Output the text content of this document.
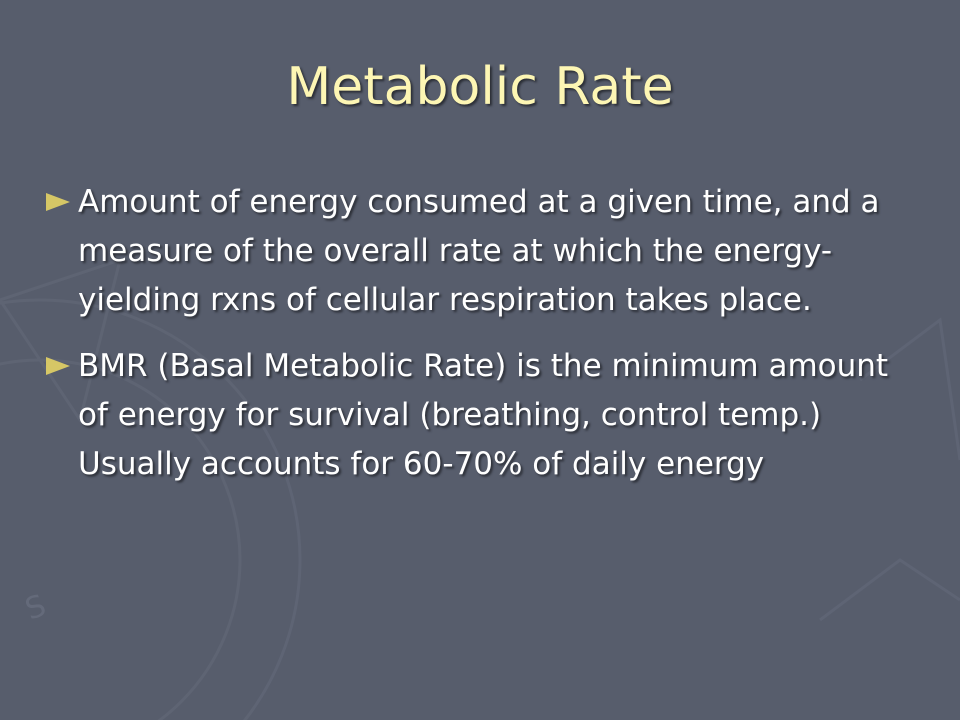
S
Metabolic Rate
Amount of energy consumed at a given time, and a measure of the overall rate at which the energy-yielding rxns of cellular respiration takes place.
BMR (Basal Metabolic Rate) is the minimum amount of energy for survival (breathing, control temp.) Usually accounts for 60-70% of daily energy
